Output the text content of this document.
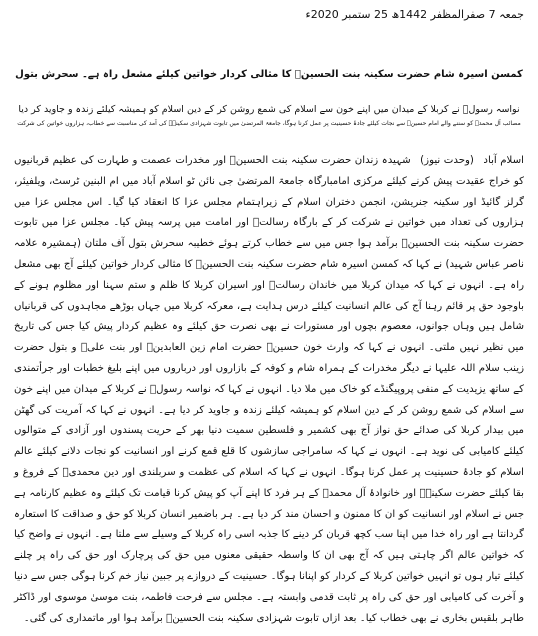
جمعہ 7 صفرالمظفر 1442ھ 25 ستمبر 2020ء
کمسن اسیرہ شام حضرت سکینہ بنت الحسینؑ کا مثالی کردار خواتین کیلئے مشعل راہ ہے۔ سحرش بتول
نواسہ رسولؐ نے کربلا کے میدان میں اپنے خون سے اسلام کی شمع روشن کر کے دین اسلام کو ہمیشہ کیلئے زندہ و جاوید کر دیا
مصائب آل محمدؐ کو سننے والے امام حسینؑ سے نجات کیلئے جادۂ حسینیت پر عمل کرنا ہوگا، جامعۃ المرتضیٰ میں تابوت شہزادی سکینہؑ کی آمد کی مناسبت سے خطاب، ہزاروں خواتین کی شرکت

اسلام آباد (وحدت نیوز) شہیدہ زندان حضرت سکینہ بنت الحسینؑ اور مخدرات عصمت و طہارت کی عظیم قربانیوں کو خراج عقیدت پیش کرنے کیلئے مرکزی امامبارگاہ جامعۃ المرتضیٰ جی نائن ٹو اسلام آباد میں ام البنین ٹرسٹ، ویلفیئر، گرلز گائیڈ اور سکینہ جنریشن، انجمن دختران اسلام کے زیراہتمام مجلس عزا کا انعقاد کیا گیا۔ اس مجلس عزا میں ہزاروں کی تعداد میں خواتین نے شرکت کر کے بارگاہ رسالتؐ اور امامت میں پرسہ پیش کیا۔ مجلس عزا میں تابوت حضرت سکینہ بنت الحسینؑ برآمد ہوا جس میں سے خطاب کرتے ہوئے خطیبہ سحرش بتول آف ملتان (ہمشیرہ علامہ ناصر عباس شہید) نے کہا کہ کمسن اسیرہ شام حضرت سکینہ بنت الحسینؑ کا مثالی کردار خواتین کیلئے آج بھی مشعل راہ ہے۔ انہوں نے کہا کہ میدان کربلا میں خاندان رسالتؐ اور اسیران کربلا کا ظلم و ستم سہنا اور مظلوم ہونے کے باوجود حق پر قائم رہنا آج کی عالم انسانیت کیلئے درس ہدایت ہے، معرکہ کربلا میں جہاں بوڑھے مجاہدوں کی قربانیاں شامل ہیں وہاں جوانوں، معصوم بچوں اور مستورات نے بھی نصرت حق کیلئے وہ عظیم کردار پیش کیا جس کی تاریخ میں نظیر نہیں ملتی۔ انہوں نے کہا کہ وارث خون حسینؑ حضرت امام زین العابدینؑ اور بنت علیؑ و بتول حضرت زینب سلام اللہ علیہا نے دیگر مخدرات کے ہمراہ شام و کوفہ کے بازاروں اور درباروں میں اپنے بلیغ خطبات اور جرأتمندی کے ساتھ یزیدیت کے منفی پروپیگنڈے کو خاک میں ملا دیا۔ انہوں نے کہا کہ نواسہ رسولؐ نے کربلا کے میدان میں اپنے خون سے اسلام کی شمع روشن کر کے دین اسلام کو ہمیشہ کیلئے زندہ و جاوید کر دیا ہے۔ انہوں نے کہا کہ آمریت کی گھٹن میں بیدار کربلا کی صدائے حق نواز آج بھی کشمیر و فلسطین سمیت دنیا بھر کے حریت پسندوں اور آزادی کے متوالوں کیلئے کامیابی کی نوید ہے۔ انہوں نے کہا کہ سامراجی سازشوں کا قلع قمع کرنے اور انسانیت کو نجات دلانے کیلئے عالم اسلام کو جادۂ حسینیت پر عمل کرنا ہوگا۔ انہوں نے کہا کہ اسلام کی عظمت و سربلندی اور دین محمدیؐ کے فروغ و بقا کیلئے حضرت سکینہؑ اور خانوادۂ آل محمدؐ کے ہر فرد کا اپنے آپ کو پیش کرنا قیامت تک کیلئے وہ عظیم کارنامہ ہے جس نے اسلام اور انسانیت کو ان کا ممنون و احسان مند کر دیا ہے۔ ہر باضمیر انسان کربلا کو حق و صداقت کا استعارہ گردانتا ہے اور راہ خدا میں اپنا سب کچھ قربان کر دینے کا جذبہ اسی راہ کربلا کے وسیلے سے ملتا ہے۔ انہوں نے واضح کیا کہ خواتین عالم اگر چاہتی ہیں کہ آج بھی ان کا واسطہ حقیقی معنوں میں حق کی پرچارک اور حق کی راہ پر چلنے کیلئے تیار ہوں تو انہیں خواتین کربلا کے کردار کو اپنانا ہوگا۔ حسینیت کے دروازے پر جبین نیاز خم کرنا ہوگی جس سے دنیا و آخرت کی کامیابی اور حق کی راہ پر ثابت قدمی وابستہ ہے۔ مجلس سے فرحت فاطمہ، بنت موسیٰ موسوی اور ڈاکٹر طاہر بلقیس بخاری نے بھی خطاب کیا۔ بعد ازاں تابوت شہزادی سکینہ بنت الحسینؑ برآمد ہوا اور ماتمداری کی گئی۔
